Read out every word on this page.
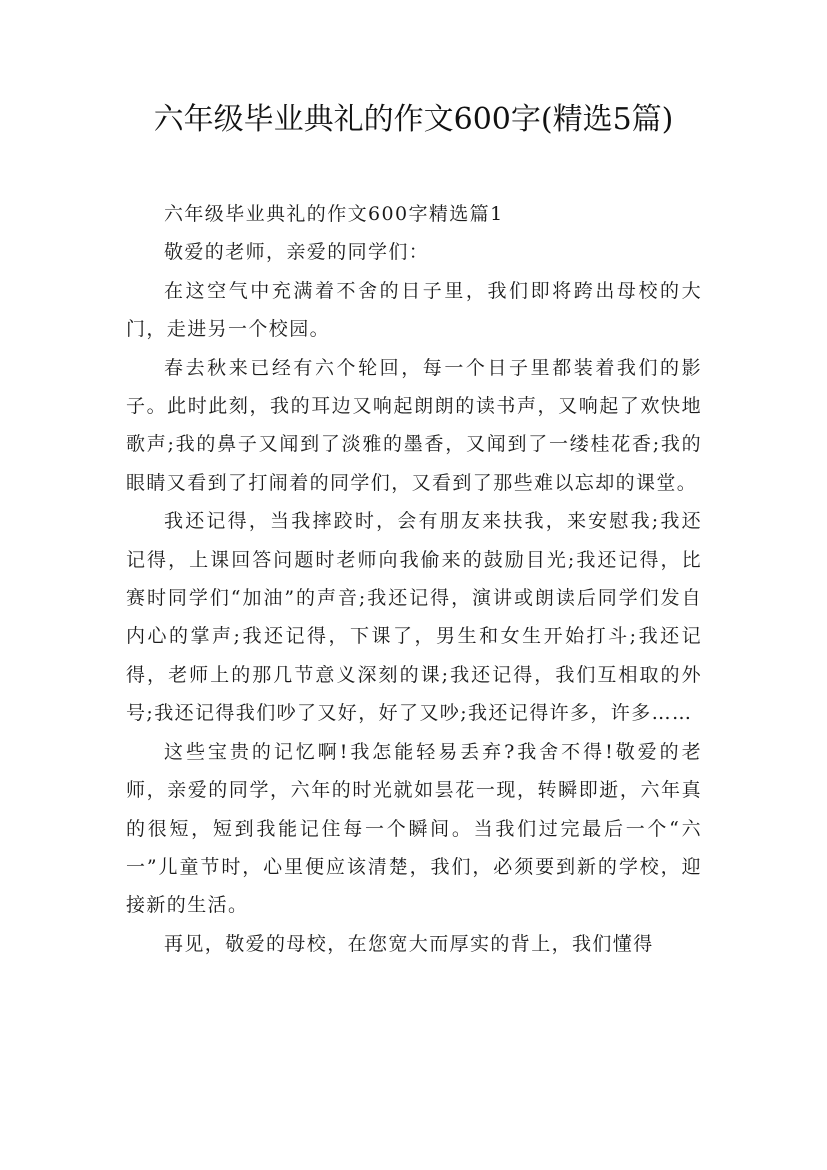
六年级毕业典礼的作文600字(精选5篇)

六年级毕业典礼的作文600字精选篇1

敬爱的老师，亲爱的同学们：

在这空气中充满着不舍的日子里，我们即将跨出母校的大门，走进另一个校园。

春去秋来已经有六个轮回，每一个日子里都装着我们的影子。此时此刻，我的耳边又响起朗朗的读书声，又响起了欢快地歌声;我的鼻子又闻到了淡雅的墨香，又闻到了一缕桂花香;我的眼睛又看到了打闹着的同学们，又看到了那些难以忘却的课堂。

我还记得，当我摔跤时，会有朋友来扶我，来安慰我;我还记得，上课回答问题时老师向我偷来的鼓励目光;我还记得，比赛时同学们“加油”的声音;我还记得，演讲或朗读后同学们发自内心的掌声;我还记得，下课了，男生和女生开始打斗;我还记得，老师上的那几节意义深刻的课;我还记得，我们互相取的外号;我还记得我们吵了又好，好了又吵;我还记得许多，许多……

这些宝贵的记忆啊!我怎能轻易丢弃?我舍不得!敬爱的老师，亲爱的同学，六年的时光就如昙花一现，转瞬即逝，六年真的很短，短到我能记住每一个瞬间。当我们过完最后一个“六一”儿童节时，心里便应该清楚，我们，必须要到新的学校，迎接新的生活。

再见，敬爱的母校，在您宽大而厚实的背上，我们懂得
